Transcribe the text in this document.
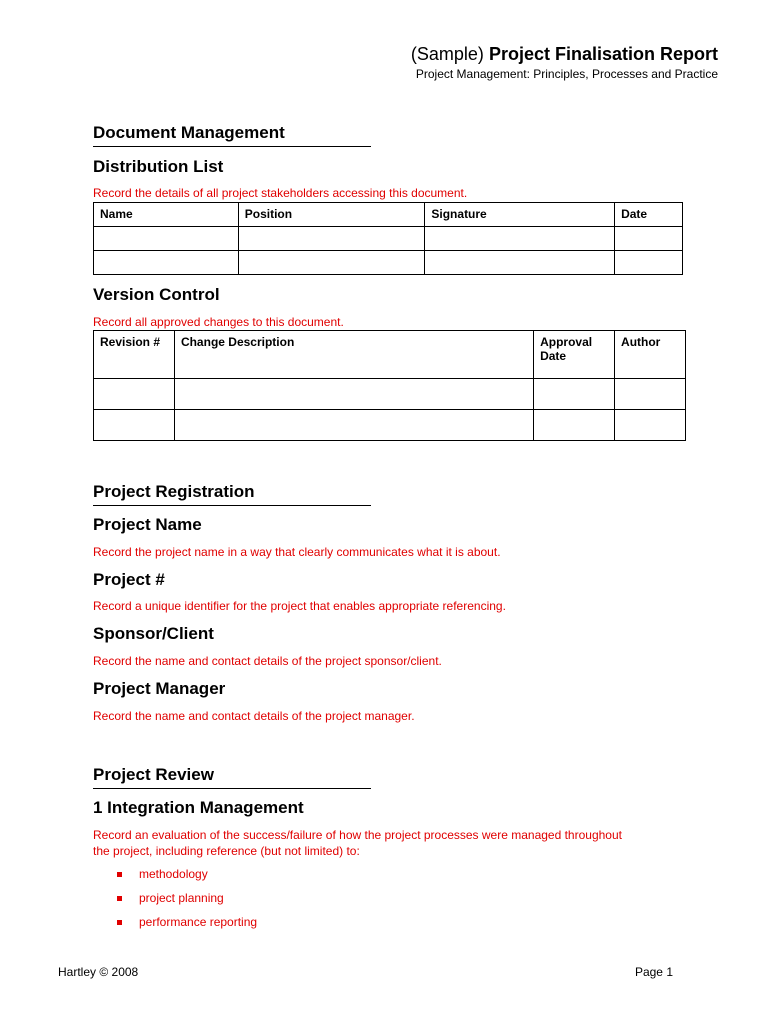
(Sample) Project Finalisation Report
Project Management: Principles, Processes and Practice
Document Management
Distribution List
Record the details of all project stakeholders accessing this document.
Name	Position	Signature	Date

Version Control
Record all approved changes to this document.
Revision #	Change Description	Approval Date	Author

Project Registration
Project Name
Record the project name in a way that clearly communicates what it is about.
Project #
Record a unique identifier for the project that enables appropriate referencing.
Sponsor/Client
Record the name and contact details of the project sponsor/client.
Project Manager
Record the name and contact details of the project manager.
Project Review
1 Integration Management
Record an evaluation of the success/failure of how the project processes were managed throughout
the project, including reference (but not limited) to:
methodology
project planning
performance reporting
Hartley © 2008	Page 1
